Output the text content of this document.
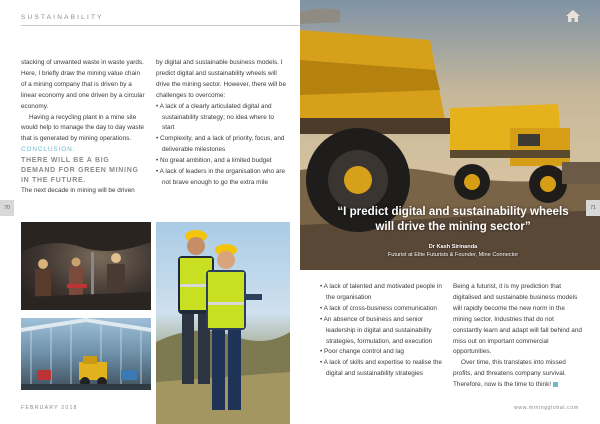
SUSTAINABILITY

stacking of unwanted waste in waste yards. Here, I briefly draw the mining value chain of a mining company that is driven by a linear economy and one driven by a circular economy.

Having a recycling plant in a mine site would help to manage the day to day waste that is generated by mining operations.

CONCLUSION:

THERE WILL BE A BIG DEMAND FOR GREEN MINING IN THE FUTURE.

The next decade in mining will be driven

by digital and sustainable business models. I predict digital and sustainability wheels will drive the mining sector. However, there will be challenges to overcome:

• A lack of a clearly articulated digital and sustainability strategy; no idea where to start

• Complexity, and a lack of priority, focus, and deliverable milestones

• No great ambition, and a limited budget

• A lack of leaders in the organisation who are not brave enough to go the extra mile

70
FEBRUARY 2018
“I predict digital and sustainability wheels will drive the mining sector”
Dr Kash Sirinanda
Futurist at Elite Futurists & Founder, Mine Connector
71

• A lack of talented and motivated people in the organisation

• A lack of cross-business communication

• An absence of business and senior leadership in digital and sustainability strategies, formulation, and execution

• Poor change control and lag

• A lack of skills and expertise to realise the digital and sustainability strategies

Being a futurist, it is my prediction that digitalised and sustainable business models will rapidly become the new norm in the mining sector. Industries that do not constantly learn and adapt will fall behind and miss out on important commercial opportunities.

Over time, this translates into missed profits, and threatens company survival. Therefore, now is the time to think!

www.miningglobal.com
